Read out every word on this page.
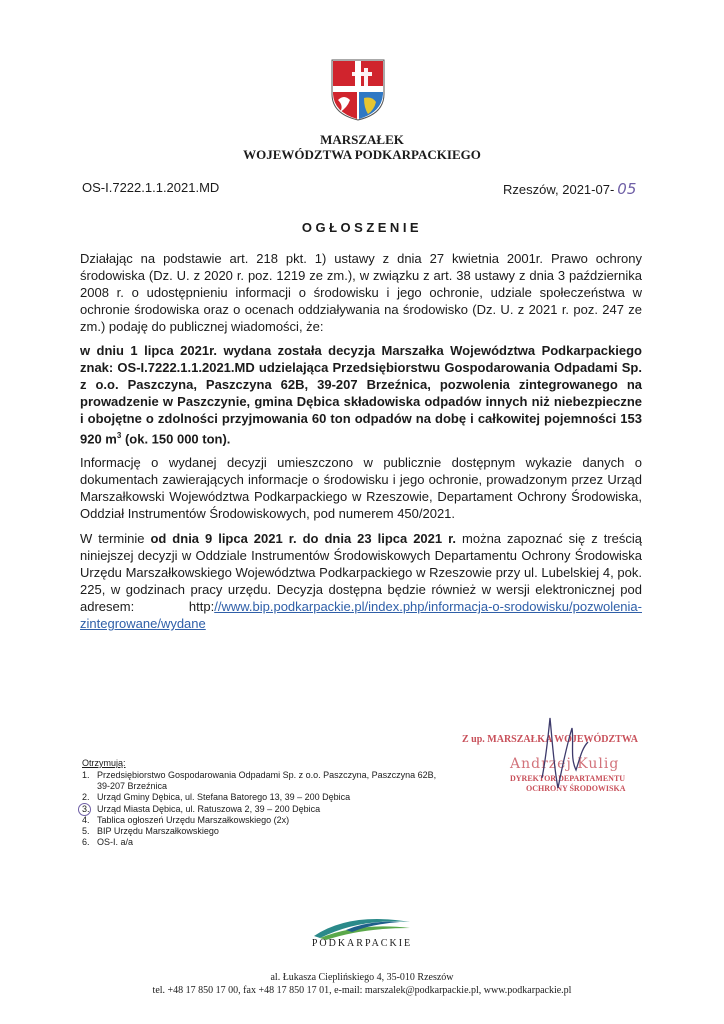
MARSZAŁEK
WOJEWÓDZTWA PODKARPACKIEGO
OS-I.7222.1.1.2021.MD	Rzeszów, 2021-07- 05
OGŁOSZENIE
Działając na podstawie art. 218 pkt. 1) ustawy z dnia 27 kwietnia 2001r. Prawo ochrony środowiska (Dz. U. z 2020 r. poz. 1219 ze zm.), w związku z art. 38 ustawy z dnia 3 października 2008 r. o udostępnieniu informacji o środowisku i jego ochronie, udziale społeczeństwa w ochronie środowiska oraz o ocenach oddziaływania na środowisko (Dz. U. z 2021 r. poz. 247 ze zm.) podaję do publicznej wiadomości, że:
w dniu 1 lipca 2021r. wydana została decyzja Marszałka Województwa Podkarpackiego znak: OS-I.7222.1.1.2021.MD udzielająca Przedsiębiorstwu Gospodarowania Odpadami Sp. z o.o. Paszczyna, Paszczyna 62B, 39-207 Brzeźnica, pozwolenia zintegrowanego na prowadzenie w Paszczynie, gmina Dębica składowiska odpadów innych niż niebezpieczne i obojętne o zdolności przyjmowania 60 ton odpadów na dobę i całkowitej pojemności 153 920 $m^3$ (ok. 150 000 ton).
Informację o wydanej decyzji umieszczono w publicznie dostępnym wykazie danych o dokumentach zawierających informacje o środowisku i jego ochronie, prowadzonym przez Urząd Marszałkowski Województwa Podkarpackiego w Rzeszowie, Departament Ochrony Środowiska, Oddział Instrumentów Środowiskowych, pod numerem 450/2021.
W terminie od dnia 9 lipca 2021 r. do dnia 23 lipca 2021 r. można zapoznać się z treścią niniejszej decyzji w Oddziale Instrumentów Środowiskowych Departamentu Ochrony Środowiska Urzędu Marszałkowskiego Województwa Podkarpackiego w Rzeszowie przy ul. Lubelskiej 4, pok. 225, w godzinach pracy urzędu. Decyzja dostępna będzie również w wersji elektronicznej pod adresem:	http://www.bip.podkarpackie.pl/index.php/informacja-o-srodowisku/pozwolenia-zintegrowane/wydane
Z up. MARSZAŁKA WOJEWÓDZTWA
Andrzej Kulig
DYREKTOR DEPARTAMENTU
OCHRONY ŚRODOWISKA
Otrzymują:
1. Przedsiębiorstwo Gospodarowania Odpadami Sp. z o.o. Paszczyna, Paszczyna 62B, 39-207 Brzeźnica
2. Urząd Gminy Dębica, ul. Stefana Batorego 13, 39 – 200 Dębica
3. Urząd Miasta Dębica, ul. Ratuszowa 2, 39 – 200 Dębica
4. Tablica ogłoszeń Urzędu Marszałkowskiego (2x)
5. BIP Urzędu Marszałkowskiego
6. OS-I. a/a
PODKARPACKIE
al. Łukasza Cieplińskiego 4, 35-010 Rzeszów
tel. +48 17 850 17 00, fax +48 17 850 17 01, e-mail: marszalek@podkarpackie.pl, www.podkarpackie.pl
